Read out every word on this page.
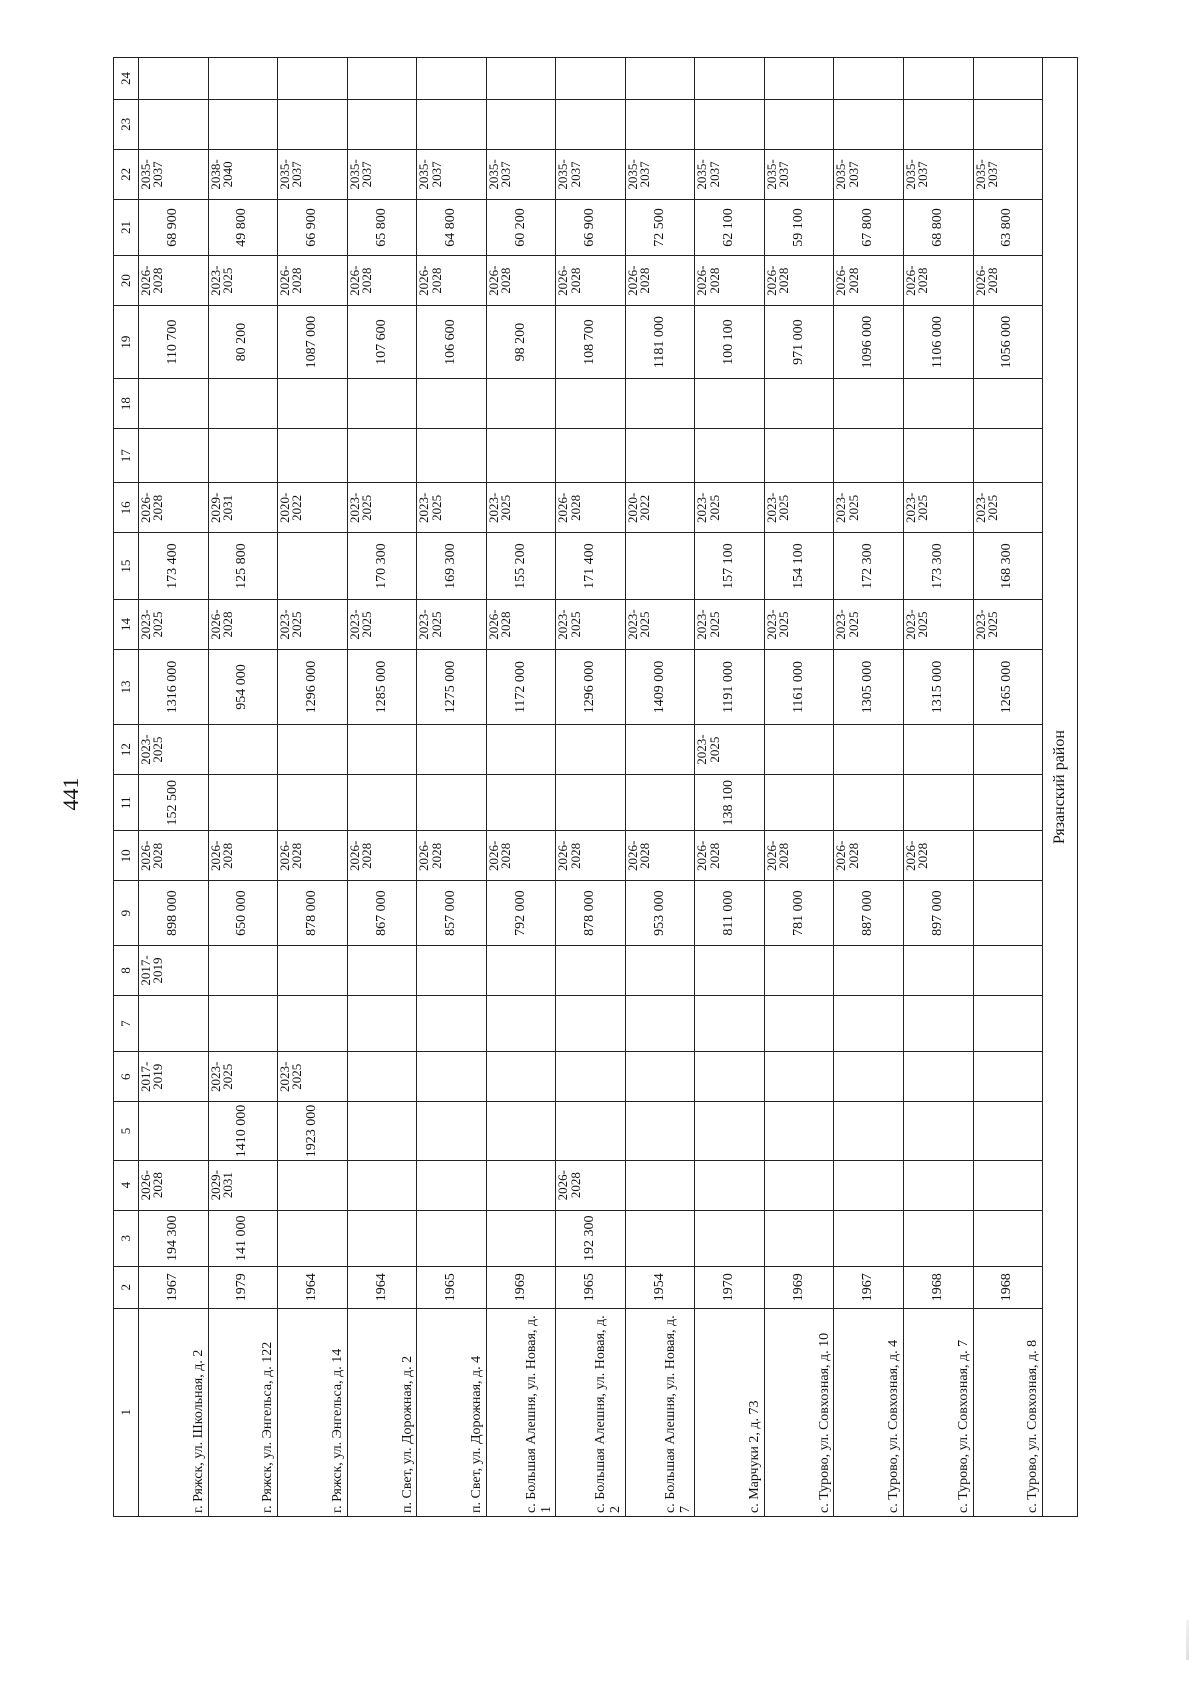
441
1	2	3	4	5	6	7	8	9	10	11	12	13	14	15	16	17	18	19	20	21	22	23	24
г. Ряжск, ул. Школьная, д. 2	1967	194 300	2026-2028		2017-2019		2017-2019	898 000	2026-2028	152 500	2023-2025	1316 000	2023-2025	173 400	2026-2028			110 700	2026-2028	68 900	2035-2037		
г. Ряжск, ул. Энгельса, д. 122	1979	141 000	2029-2031	1410 000	2023-2025			650 000	2026-2028			954 000	2026-2028	125 800	2029-2031			80 200	2023-2025	49 800	2038-2040		
г. Ряжск, ул. Энгельса, д. 14	1964			1923 000	2023-2025			878 000	2026-2028			1296 000	2023-2025		2020-2022			1087 000	2026-2028	66 900	2035-2037		
п. Свет, ул. Дорожная, д. 2	1964							867 000	2026-2028			1285 000	2023-2025	170 300	2023-2025			107 600	2026-2028	65 800	2035-2037		
п. Свет, ул. Дорожная, д. 4	1965							857 000	2026-2028			1275 000	2023-2025	169 300	2023-2025			106 600	2026-2028	64 800	2035-2037		
с. Большая Алешня, ул. Новая, д. 1	1969							792 000	2026-2028			1172 000	2026-2028	155 200	2023-2025			98 200	2026-2028	60 200	2035-2037		
с. Большая Алешня, ул. Новая, д. 2	1965	192 300	2026-2028					878 000	2026-2028			1296 000	2023-2025	171 400	2026-2028			108 700	2026-2028	66 900	2035-2037		
с. Большая Алешня, ул. Новая, д. 7	1954							953 000	2026-2028			1409 000	2023-2025		2020-2022			1181 000	2026-2028	72 500	2035-2037		
с. Марчуки 2, д. 73	1970							811 000	2026-2028	138 100	2023-2025	1191 000	2023-2025	157 100	2023-2025			100 100	2026-2028	62 100	2035-2037		
с. Турово, ул. Совхозная, д. 10	1969							781 000	2026-2028			1161 000	2023-2025	154 100	2023-2025			971 000	2026-2028	59 100	2035-2037		
с. Турово, ул. Совхозная, д. 4	1967							887 000	2026-2028			1305 000	2023-2025	172 300	2023-2025			1096 000	2026-2028	67 800	2035-2037		
с. Турово, ул. Совхозная, д. 7	1968							897 000	2026-2028			1315 000	2023-2025	173 300	2023-2025			1106 000	2026-2028	68 800	2035-2037		
с. Турово, ул. Совхозная, д. 8	1968											1265 000	2023-2025	168 300	2023-2025			1056 000	2026-2028	63 800	2035-2037		
Рязанский район																							
